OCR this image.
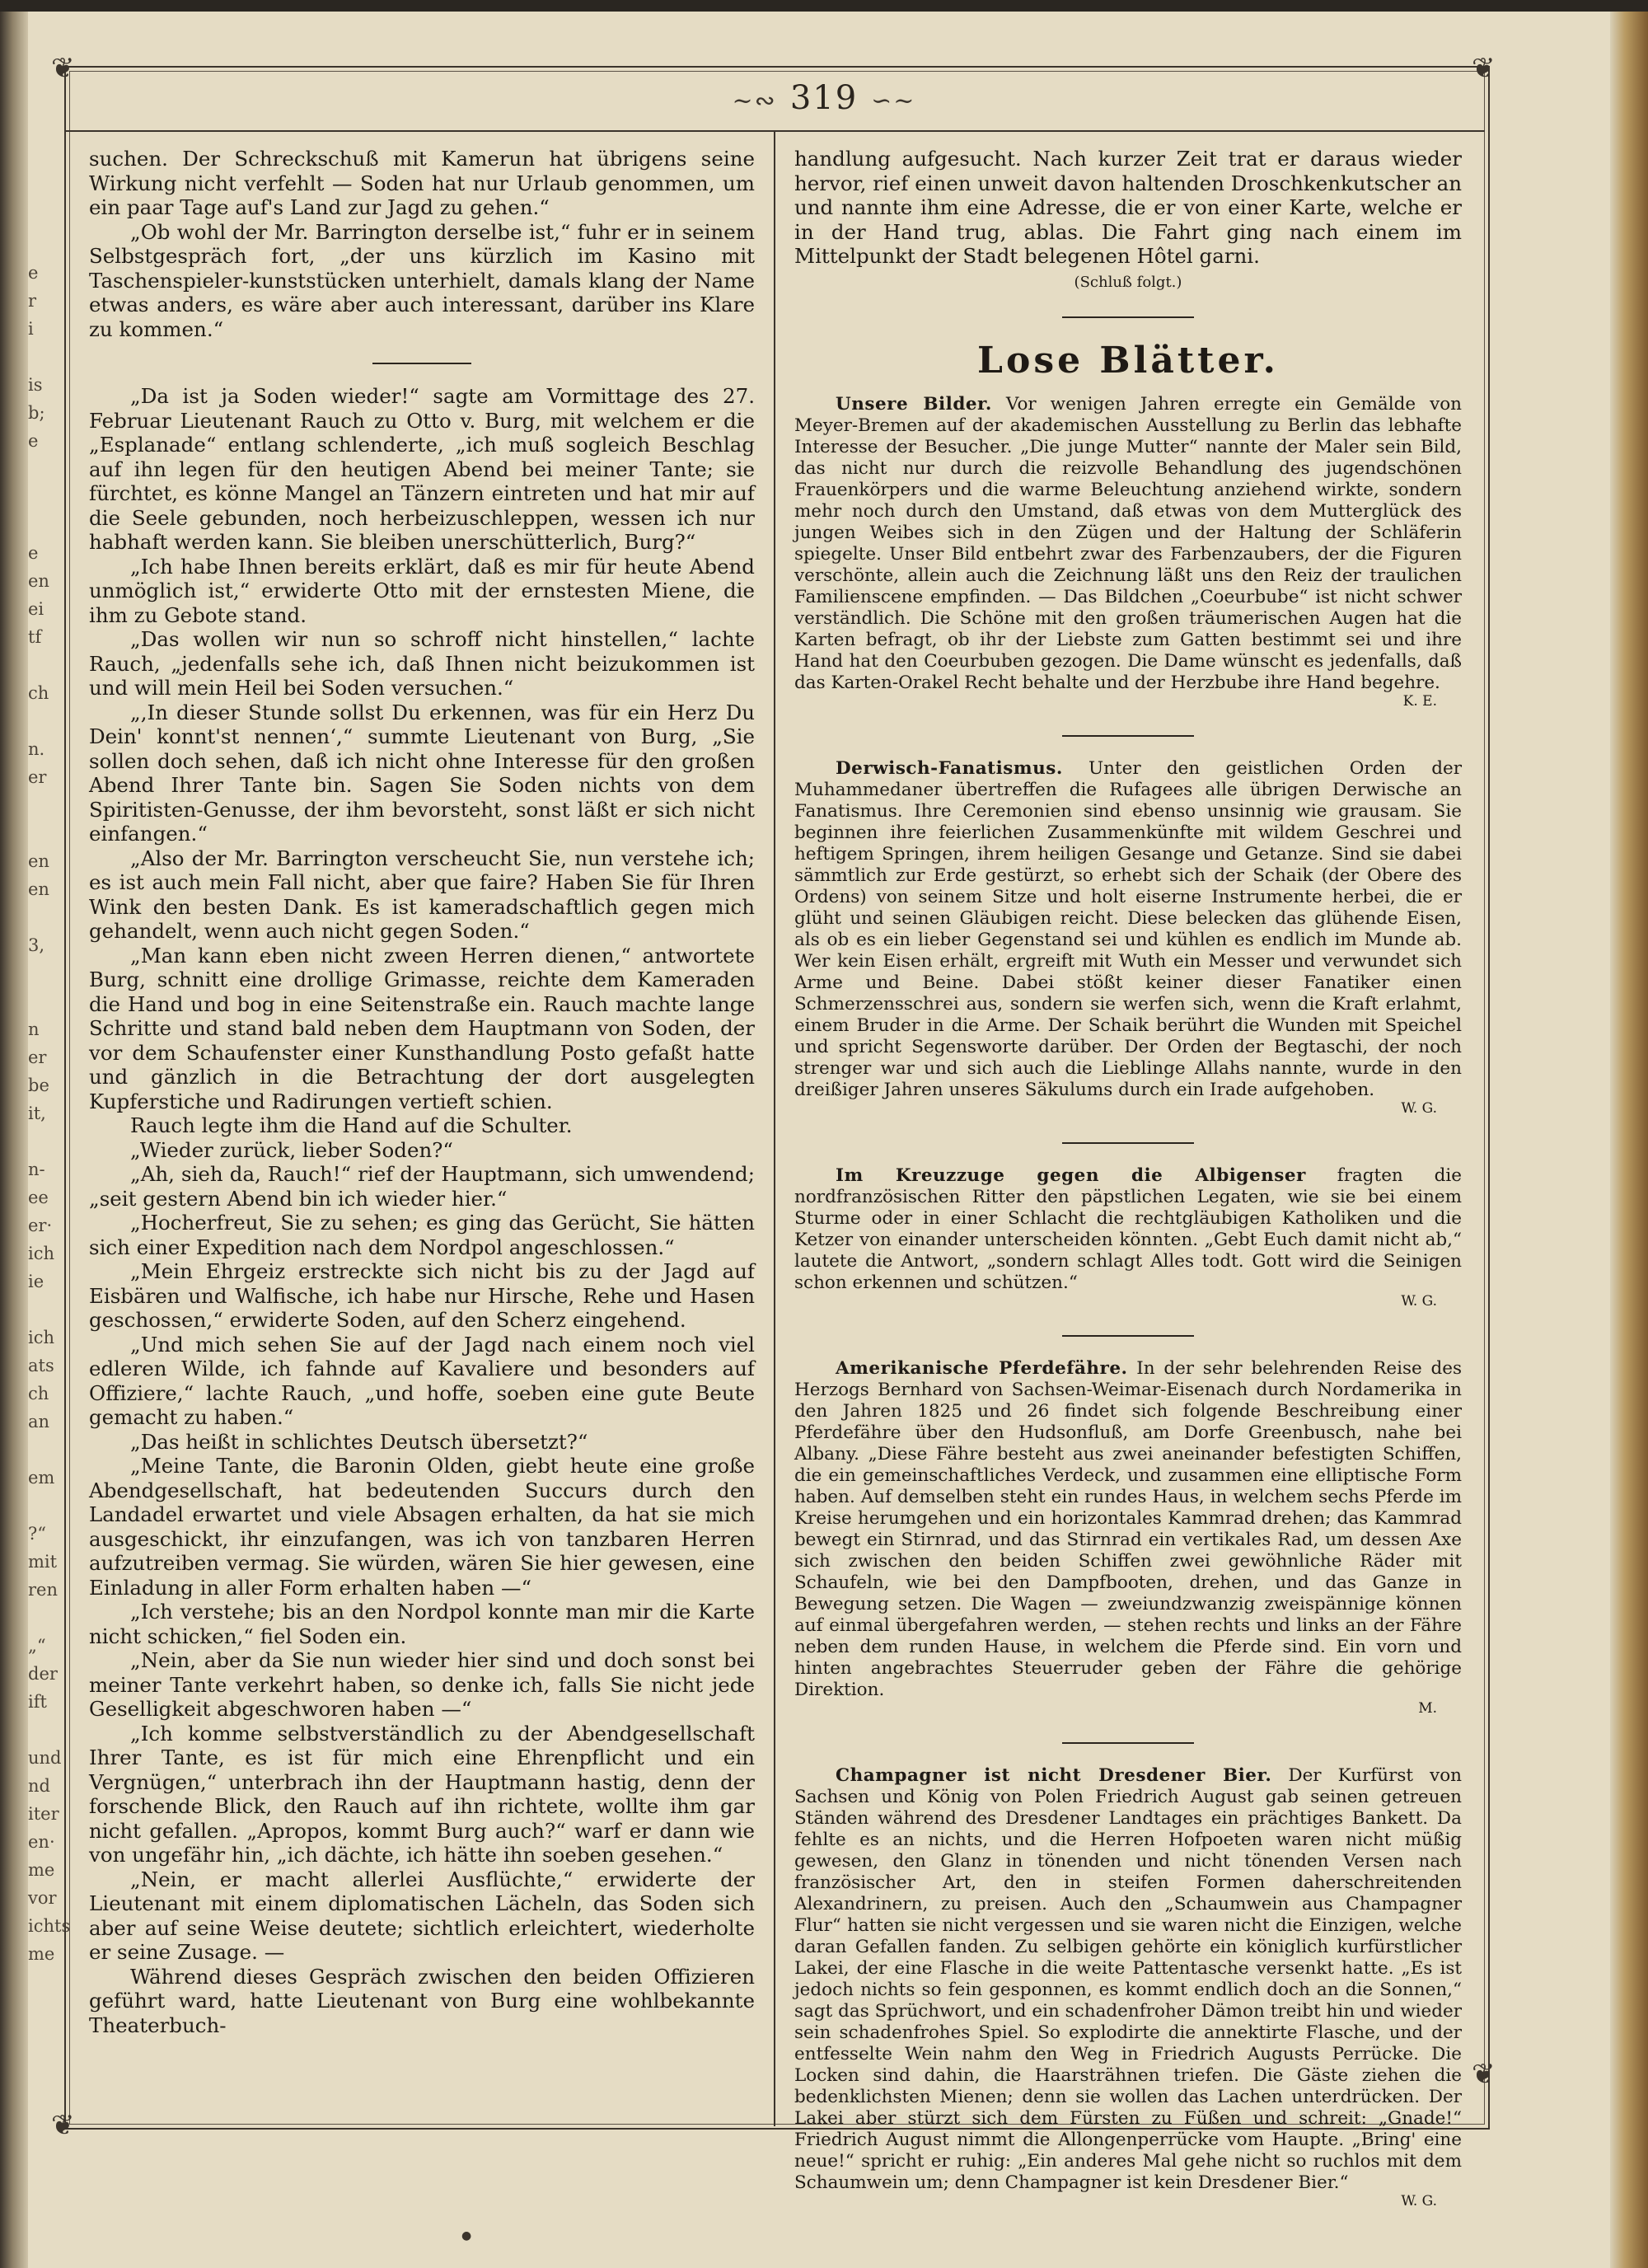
e
r
i
is
b;
e
e
en
ei
tf
ch
n.
er
en
en
3,
n
er
be
it,
n-
ee
er·
ich
ie
ich
ats
ch
an
em
?“
mit
ren
„“
der
ift
und
nd
iter
en·
me
vor
ichts
me
❦	❦
❦
❦
~∾ 319 ∽~

suchen. Der Schreckschuß mit Kamerun hat übrigens seine Wirkung nicht verfehlt — Soden hat nur Urlaub genommen, um ein paar Tage auf's Land zur Jagd zu gehen.“

„Ob wohl der Mr. Barrington derselbe ist,“ fuhr er in seinem Selbstgespräch fort, „der uns kürzlich im Kasino mit Taschenspieler-kunststücken unterhielt, damals klang der Name etwas anders, es wäre aber auch interessant, darüber ins Klare zu kommen.“

„Da ist ja Soden wieder!“ sagte am Vormittage des 27. Februar Lieutenant Rauch zu Otto v. Burg, mit welchem er die „Esplanade“ entlang schlenderte, „ich muß sogleich Beschlag auf ihn legen für den heutigen Abend bei meiner Tante; sie fürchtet, es könne Mangel an Tänzern eintreten und hat mir auf die Seele gebunden, noch herbeizuschleppen, wessen ich nur habhaft werden kann. Sie bleiben unerschütterlich, Burg?“

„Ich habe Ihnen bereits erklärt, daß es mir für heute Abend unmöglich ist,“ erwiderte Otto mit der ernstesten Miene, die ihm zu Gebote stand.

„Das wollen wir nun so schroff nicht hinstellen,“ lachte Rauch, „jedenfalls sehe ich, daß Ihnen nicht beizukommen ist und will mein Heil bei Soden versuchen.“

„,In dieser Stunde sollst Du erkennen, was für ein Herz Du Dein' konnt'st nennen‘,“ summte Lieutenant von Burg, „Sie sollen doch sehen, daß ich nicht ohne Interesse für den großen Abend Ihrer Tante bin. Sagen Sie Soden nichts von dem Spiritisten-Genusse, der ihm bevorsteht, sonst läßt er sich nicht einfangen.“

„Also der Mr. Barrington verscheucht Sie, nun verstehe ich; es ist auch mein Fall nicht, aber que faire? Haben Sie für Ihren Wink den besten Dank. Es ist kameradschaftlich gegen mich gehandelt, wenn auch nicht gegen Soden.“

„Man kann eben nicht zween Herren dienen,“ antwortete Burg, schnitt eine drollige Grimasse, reichte dem Kameraden die Hand und bog in eine Seitenstraße ein. Rauch machte lange Schritte und stand bald neben dem Hauptmann von Soden, der vor dem Schaufenster einer Kunsthandlung Posto gefaßt hatte und gänzlich in die Betrachtung der dort ausgelegten Kupferstiche und Radirungen vertieft schien.

Rauch legte ihm die Hand auf die Schulter.

„Wieder zurück, lieber Soden?“

„Ah, sieh da, Rauch!“ rief der Hauptmann, sich umwendend; „seit gestern Abend bin ich wieder hier.“

„Hocherfreut, Sie zu sehen; es ging das Gerücht, Sie hätten sich einer Expedition nach dem Nordpol angeschlossen.“

„Mein Ehrgeiz erstreckte sich nicht bis zu der Jagd auf Eisbären und Walfische, ich habe nur Hirsche, Rehe und Hasen geschossen,“ erwiderte Soden, auf den Scherz eingehend.

„Und mich sehen Sie auf der Jagd nach einem noch viel edleren Wilde, ich fahnde auf Kavaliere und besonders auf Offiziere,“ lachte Rauch, „und hoffe, soeben eine gute Beute gemacht zu haben.“

„Das heißt in schlichtes Deutsch übersetzt?“

„Meine Tante, die Baronin Olden, giebt heute eine große Abendgesellschaft, hat bedeutenden Succurs durch den Landadel erwartet und viele Absagen erhalten, da hat sie mich ausgeschickt, ihr einzufangen, was ich von tanzbaren Herren aufzutreiben vermag. Sie würden, wären Sie hier gewesen, eine Einladung in aller Form erhalten haben —“

„Ich verstehe; bis an den Nordpol konnte man mir die Karte nicht schicken,“ fiel Soden ein.

„Nein, aber da Sie nun wieder hier sind und doch sonst bei meiner Tante verkehrt haben, so denke ich, falls Sie nicht jede Geselligkeit abgeschworen haben —“

„Ich komme selbstverständlich zu der Abendgesellschaft Ihrer Tante, es ist für mich eine Ehrenpflicht und ein Vergnügen,“ unterbrach ihn der Hauptmann hastig, denn der forschende Blick, den Rauch auf ihn richtete, wollte ihm gar nicht gefallen. „Apropos, kommt Burg auch?“ warf er dann wie von ungefähr hin, „ich dächte, ich hätte ihn soeben gesehen.“

„Nein, er macht allerlei Ausflüchte,“ erwiderte der Lieutenant mit einem diplomatischen Lächeln, das Soden sich aber auf seine Weise deutete; sichtlich erleichtert, wiederholte er seine Zusage. —

Während dieses Gespräch zwischen den beiden Offizieren geführt ward, hatte Lieutenant von Burg eine wohlbekannte Theaterbuch-

handlung aufgesucht. Nach kurzer Zeit trat er daraus wieder hervor, rief einen unweit davon haltenden Droschkenkutscher an und nannte ihm eine Adresse, die er von einer Karte, welche er in der Hand trug, ablas. Die Fahrt ging nach einem im Mittelpunkt der Stadt belegenen Hôtel garni.

(Schluß folgt.)

Lose Blätter.

Unsere Bilder. Vor wenigen Jahren erregte ein Gemälde von Meyer-Bremen auf der akademischen Ausstellung zu Berlin das lebhafte Interesse der Besucher. „Die junge Mutter“ nannte der Maler sein Bild, das nicht nur durch die reizvolle Behandlung des jugendschönen Frauenkörpers und die warme Beleuchtung anziehend wirkte, sondern mehr noch durch den Umstand, daß etwas von dem Mutterglück des jungen Weibes sich in den Zügen und der Haltung der Schläferin spiegelte. Unser Bild entbehrt zwar des Farbenzaubers, der die Figuren verschönte, allein auch die Zeichnung läßt uns den Reiz der traulichen Familienscene empfinden. — Das Bildchen „Coeurbube“ ist nicht schwer verständlich. Die Schöne mit den großen träumerischen Augen hat die Karten befragt, ob ihr der Liebste zum Gatten bestimmt sei und ihre Hand hat den Coeurbuben gezogen. Die Dame wünscht es jedenfalls, daß das Karten-Orakel Recht behalte und der Herzbube ihre Hand begehre.

K. E.

Derwisch-Fanatismus. Unter den geistlichen Orden der Muhammedaner übertreffen die Rufagees alle übrigen Derwische an Fanatismus. Ihre Ceremonien sind ebenso unsinnig wie grausam. Sie beginnen ihre feierlichen Zusammenkünfte mit wildem Geschrei und heftigem Springen, ihrem heiligen Gesange und Getanze. Sind sie dabei sämmtlich zur Erde gestürzt, so erhebt sich der Schaik (der Obere des Ordens) von seinem Sitze und holt eiserne Instrumente herbei, die er glüht und seinen Gläubigen reicht. Diese belecken das glühende Eisen, als ob es ein lieber Gegenstand sei und kühlen es endlich im Munde ab. Wer kein Eisen erhält, ergreift mit Wuth ein Messer und verwundet sich Arme und Beine. Dabei stößt keiner dieser Fanatiker einen Schmerzensschrei aus, sondern sie werfen sich, wenn die Kraft erlahmt, einem Bruder in die Arme. Der Schaik berührt die Wunden mit Speichel und spricht Segensworte darüber. Der Orden der Begtaschi, der noch strenger war und sich auch die Lieblinge Allahs nannte, wurde in den dreißiger Jahren unseres Säkulums durch ein Irade aufgehoben.

W. G.

Im Kreuzzuge gegen die Albigenser fragten die nordfranzösischen Ritter den päpstlichen Legaten, wie sie bei einem Sturme oder in einer Schlacht die rechtgläubigen Katholiken und die Ketzer von einander unterscheiden könnten. „Gebt Euch damit nicht ab,“ lautete die Antwort, „sondern schlagt Alles todt. Gott wird die Seinigen schon erkennen und schützen.“

W. G.

Amerikanische Pferdefähre. In der sehr belehrenden Reise des Herzogs Bernhard von Sachsen-Weimar-Eisenach durch Nordamerika in den Jahren 1825 und 26 findet sich folgende Beschreibung einer Pferdefähre über den Hudsonfluß, am Dorfe Greenbusch, nahe bei Albany. „Diese Fähre besteht aus zwei aneinander befestigten Schiffen, die ein gemeinschaftliches Verdeck, und zusammen eine elliptische Form haben. Auf demselben steht ein rundes Haus, in welchem sechs Pferde im Kreise herumgehen und ein horizontales Kammrad drehen; das Kammrad bewegt ein Stirnrad, und das Stirnrad ein vertikales Rad, um dessen Axe sich zwischen den beiden Schiffen zwei gewöhnliche Räder mit Schaufeln, wie bei den Dampfbooten, drehen, und das Ganze in Bewegung setzen. Die Wagen — zweiundzwanzig zweispännige können auf einmal übergefahren werden, — stehen rechts und links an der Fähre neben dem runden Hause, in welchem die Pferde sind. Ein vorn und hinten angebrachtes Steuerruder geben der Fähre die gehörige Direktion.

M.

Champagner ist nicht Dresdener Bier. Der Kurfürst von Sachsen und König von Polen Friedrich August gab seinen getreuen Ständen während des Dresdener Landtages ein prächtiges Bankett. Da fehlte es an nichts, und die Herren Hofpoeten waren nicht müßig gewesen, den Glanz in tönenden und nicht tönenden Versen nach französischer Art, den in steifen Formen daherschreitenden Alexandrinern, zu preisen. Auch den „Schaumwein aus Champagner Flur“ hatten sie nicht vergessen und sie waren nicht die Einzigen, welche daran Gefallen fanden. Zu selbigen gehörte ein königlich kurfürstlicher Lakei, der eine Flasche in die weite Pattentasche versenkt hatte. „Es ist jedoch nichts so fein gesponnen, es kommt endlich doch an die Sonnen,“ sagt das Sprüchwort, und ein schadenfroher Dämon treibt hin und wieder sein schadenfrohes Spiel. So explodirte die annektirte Flasche, und der entfesselte Wein nahm den Weg in Friedrich Augusts Perrücke. Die Locken sind dahin, die Haarsträhnen triefen. Die Gäste ziehen die bedenklichsten Mienen; denn sie wollen das Lachen unterdrücken. Der Lakei aber stürzt sich dem Fürsten zu Füßen und schreit: „Gnade!“ Friedrich August nimmt die Allongenperrücke vom Haupte. „Bring' eine neue!“ spricht er ruhig: „Ein anderes Mal gehe nicht so ruchlos mit dem Schaumwein um; denn Champagner ist kein Dresdener Bier.“

W. G.
●
